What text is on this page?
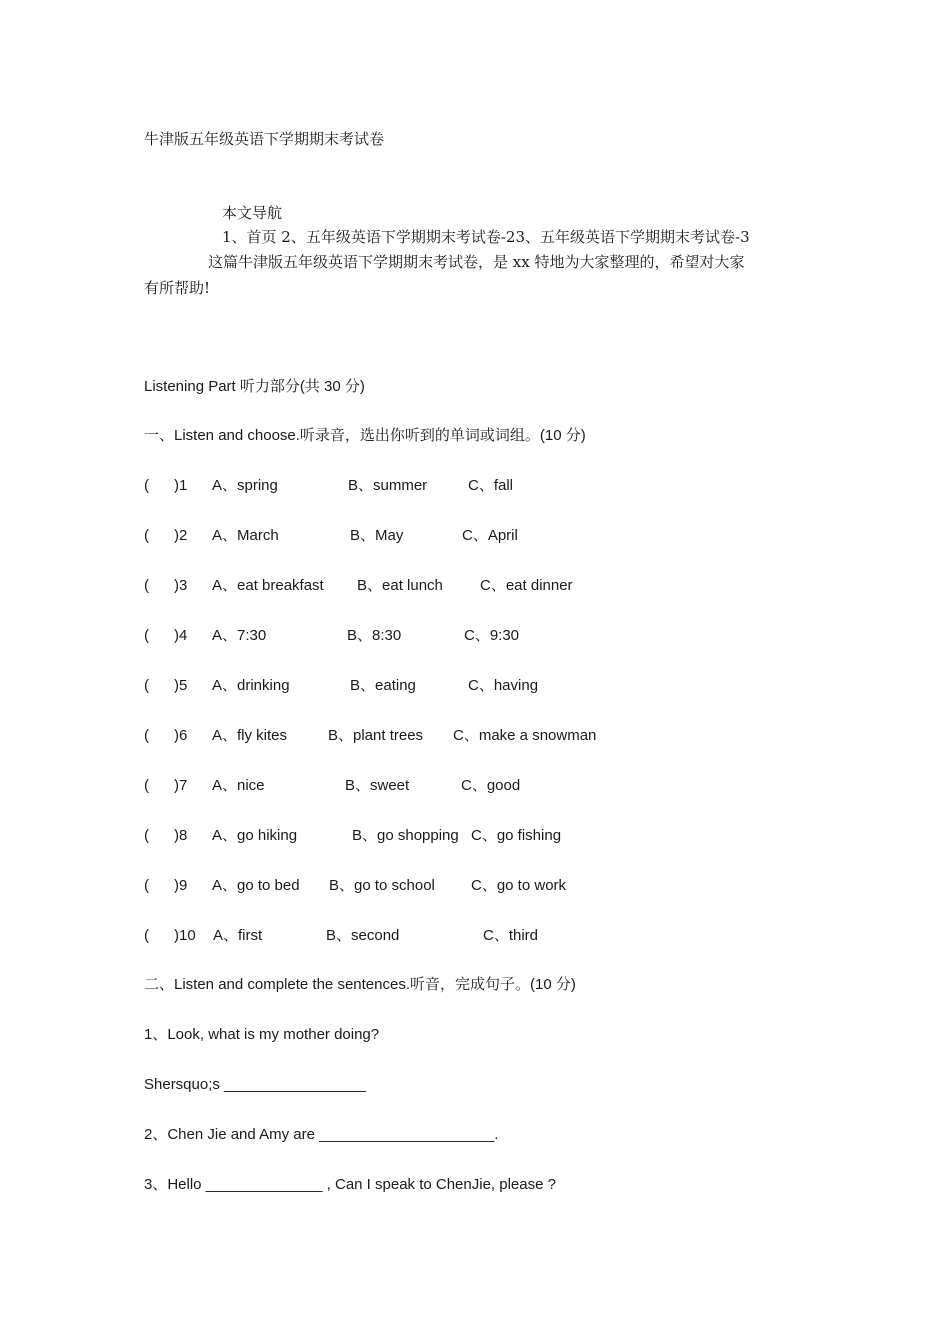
牛津版五年级英语下学期期末考试卷
本文导航
1、首页 2、五年级英语下学期期末考试卷-23、五年级英语下学期期末考试卷-3
这篇牛津版五年级英语下学期期末考试卷，是 xx 特地为大家整理的，希望对大家
有所帮助!
Listening Part 听力部分(共 30 分)
一、Listen and choose.听录音，选出你听到的单词或词组。(10 分)
( )1 A、spring	B、summer	C、fall
( )2 A、March	B、May	C、April
( )3 A、eat breakfast B、eat lunch C、eat dinner
( )4 A、7:30	B、8:30	C、9:30
( )5 A、drinking	B、eating	C、having
( )6 A、fly kites	B、plant trees C、make a snowman
( )7 A、nice	B、sweet	C、good
( )8 A、go hiking	B、go shopping C、go fishing
( )9 A、go to bed B、go to school C、go to work
( )10 A、first	B、second	C、third
二、Listen and complete the sentences.听音，完成句子。(10 分)
1、Look, what is my mother doing?
Shersquo;s _________________
2、Chen Jie and Amy are _____________________.
3、Hello ______________ , Can I speak to ChenJie, please ?
